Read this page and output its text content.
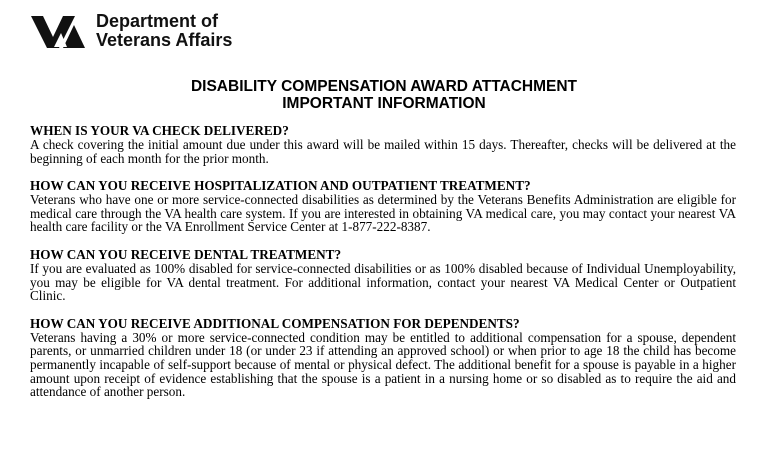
Department of
Veterans Affairs
DISABILITY COMPENSATION AWARD ATTACHMENT
IMPORTANT INFORMATION
WHEN IS YOUR VA CHECK DELIVERED?

A check covering the initial amount due under this award will be mailed within 15 days. Thereafter, checks will be delivered at the beginning of each month for the prior month.

HOW CAN YOU RECEIVE HOSPITALIZATION AND OUTPATIENT TREATMENT?

Veterans who have one or more service-connected disabilities as determined by the Veterans Benefits Administration are eligible for medical care through the VA health care system. If you are interested in obtaining VA medical care, you may contact your nearest VA health care facility or the VA Enrollment Service Center at 1-877-222-8387.

HOW CAN YOU RECEIVE DENTAL TREATMENT?

If you are evaluated as 100% disabled for service-connected disabilities or as 100% disabled because of Individual Unemployability, you may be eligible for VA dental treatment. For additional information, contact your nearest VA Medical Center or Outpatient Clinic.

HOW CAN YOU RECEIVE ADDITIONAL COMPENSATION FOR DEPENDENTS?

Veterans having a 30% or more service-connected condition may be entitled to additional compensation for a spouse, dependent parents, or unmarried children under 18 (or under 23 if attending an approved school) or when prior to age 18 the child has become permanently incapable of self-support because of mental or physical defect. The additional benefit for a spouse is payable in a higher amount upon receipt of evidence establishing that the spouse is a patient in a nursing home or so disabled as to require the aid and attendance of another person.
